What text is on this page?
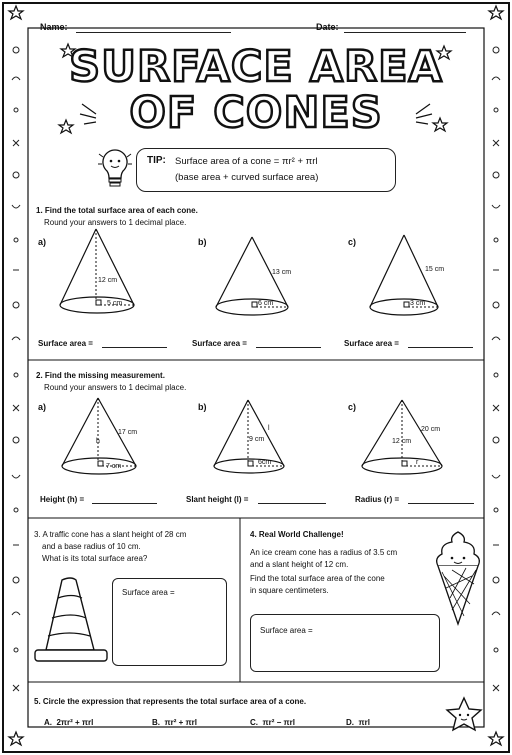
Name:	Date:
SURFACE AREA
OF CONES
TIP: Surface area of a cone = πr² + πrl
(base area + curved surface area)
1. Find the total surface area of each cone.
Round your answers to 1 decimal place.
a)
12 cm
5 cm
b)
13 cm
6 cm
c)
15 cm
3 cm
Surface area =	Surface area =	Surface area =
2. Find the missing measurement.
Round your answers to 1 decimal place.
a)
17 cm
h
7 cm
b)
l
9 cm
6cm
c)
20 cm
12 cm
r
Height (h) =	Slant height (l) =	Radius (r) =
3. A traffic cone has a slant height of 28 cm
and a base radius of 10 cm.
What is its total surface area?
Surface area =
4. Real World Challenge!
An ice cream cone has a radius of 3.5 cm
and a slant height of 12 cm.
Find the total surface area of the cone
in square centimeters.
Surface area =
5. Circle the expression that represents the total surface area of a cone.
A. 2πr² + πrl	B. πr² + πrl	C. πr² − πrl	D. πrl
